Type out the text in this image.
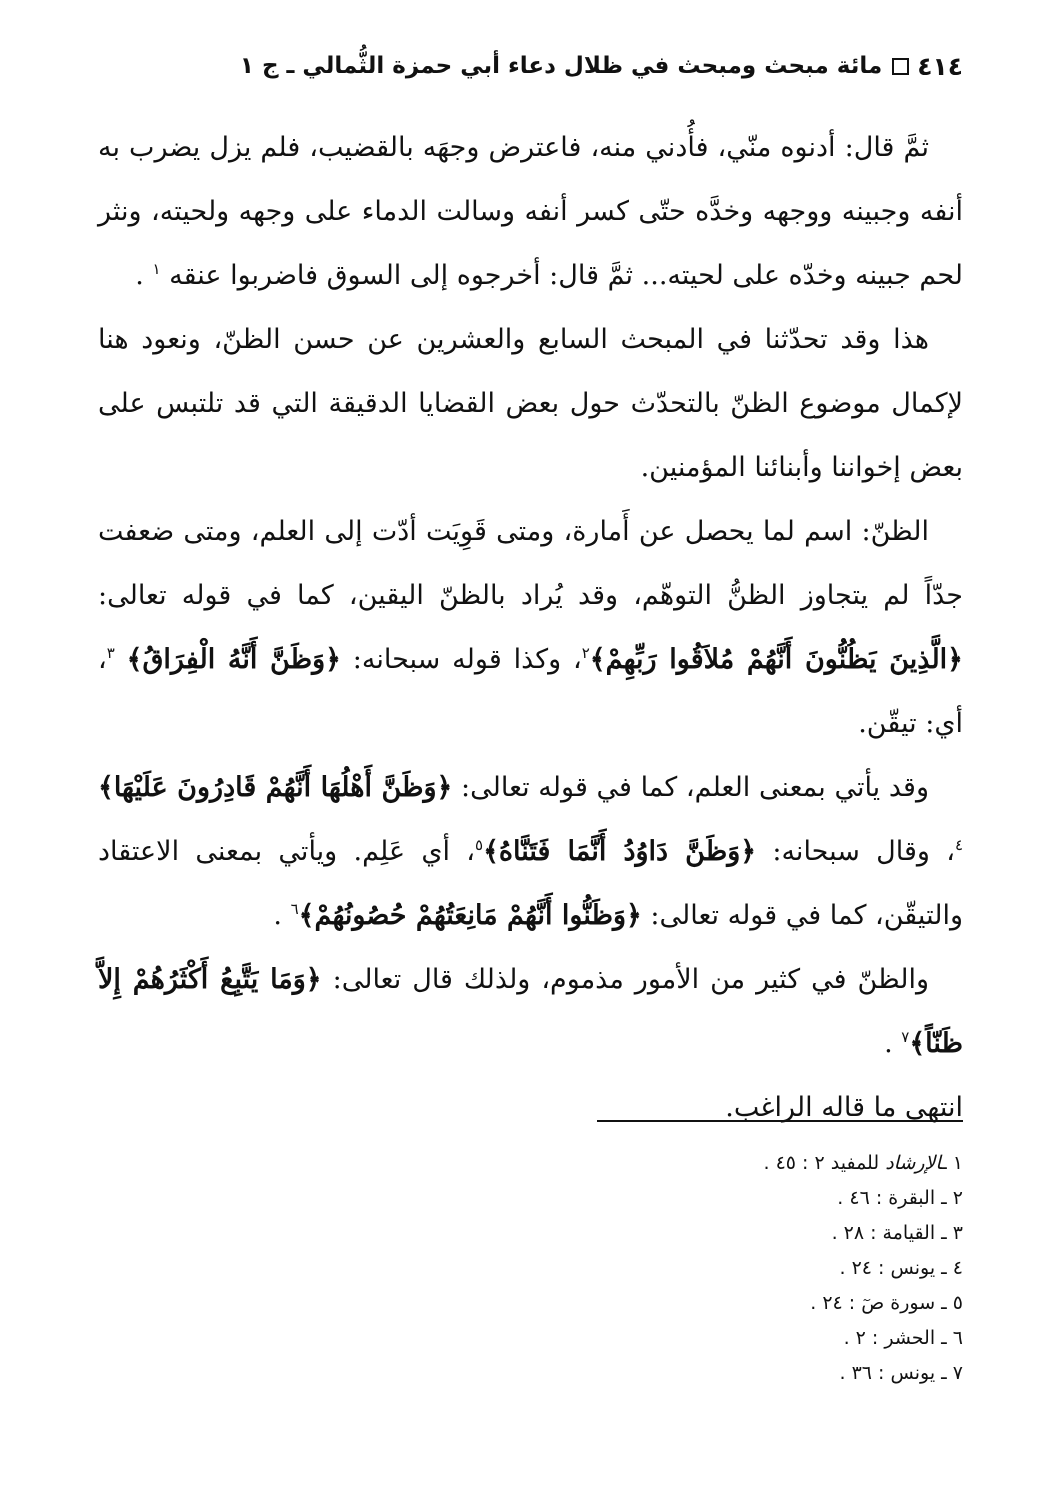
٤١٤
مائة مبحث ومبحث في ظلال دعاء أبي حمزة الثُّمالي ـ ج ١

ثمَّ قال: أدنوه منّي، فأُدني منه، فاعترض وجهَه بالقضيب، فلم يزل يضرب به أنفه وجبينه ووجهه وخدَّه حتّى كسر أنفه وسالت الدماء على وجهه ولحيته، ونثر لحم جبينه وخدّه على لحيته... ثمَّ قال: أخرجوه إلى السوق فاضربوا عنقه $^١$ .

هذا وقد تحدّثنا في المبحث السابع والعشرين عن حسن الظنّ، ونعود هنا لإكمال موضوع الظنّ بالتحدّث حول بعض القضايا الدقيقة التي قد تلتبس على بعض إخواننا وأبنائنا المؤمنين.

الظنّ: اسم لما يحصل عن أَمارة، ومتى قَوِيَت أدّت إلى العلم، ومتى ضعفت جدّاً لم يتجاوز الظنُّ التوهّم، وقد يُراد بالظنّ اليقين، كما في قوله تعالى: ﴿الَّذِينَ يَظُنُّونَ أَنَّهُمْ مُلاَقُوا رَبِّهِمْ﴾$^٢$، وكذا قوله سبحانه: ﴿وَظَنَّ أَنَّهُ الْفِرَاقُ﴾ $^٣$، أي: تيقّن.

وقد يأتي بمعنى العلم، كما في قوله تعالى: ﴿وَظَنَّ أَهْلُهَا أَنَّهُمْ قَادِرُونَ عَلَيْهَا﴾$^٤$، وقال سبحانه: ﴿وَظَنَّ دَاوُدُ أَنَّمَا فَتَنَّاهُ﴾$^٥$، أي عَلِم. ويأتي بمعنى الاعتقاد والتيقّن، كما في قوله تعالى: ﴿وَظَنُّوا أَنَّهُمْ مَانِعَتُهُمْ حُصُونُهُمْ﴾$^٦$ .

والظنّ في كثير من الأمور مذموم، ولذلك قال تعالى: ﴿وَمَا يَتَّبِعُ أَكْثَرُهُمْ إِلاَّ ظَنّاً﴾$^٧$ .

انتهى ما قاله الراغب.

١ ـالإرشاد للمفيد ٢ : ٤٥ .
٢ ـ البقرة : ٤٦ .
٣ ـ القيامة : ٢٨ .
٤ ـ يونس : ٢٤ .
٥ ـ سورة صٓ : ٢٤ .
٦ ـ الحشر : ٢ .
٧ ـ يونس : ٣٦ .
